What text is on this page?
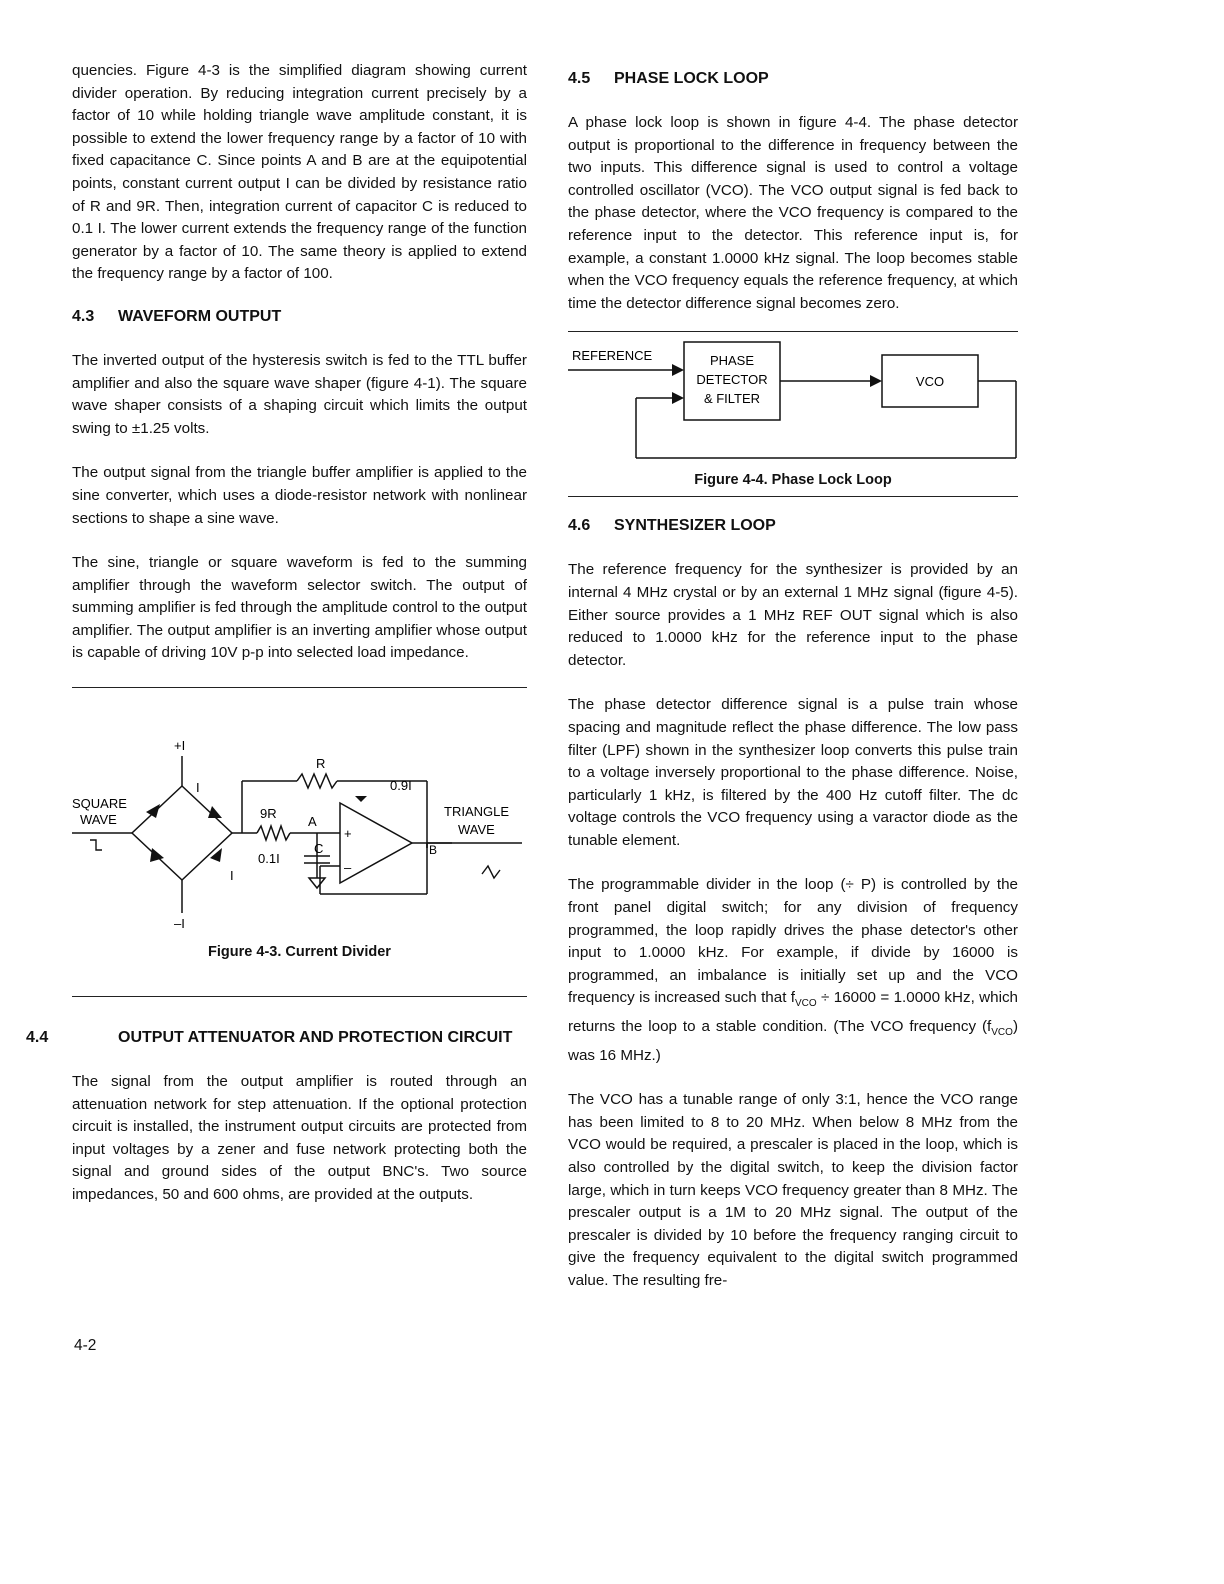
quencies. Figure 4-3 is the simplified diagram showing current divider operation. By reducing integration current precisely by a factor of 10 while holding triangle wave amplitude constant, it is possible to extend the lower frequency range by a factor of 10 with fixed capacitance C. Since points A and B are at the equipotential points, constant current output I can be divided by resistance ratio of R and 9R. Then, integration current of capacitor C is reduced to 0.1 I. The lower current extends the frequency range of the function generator by a factor of 10. The same theory is applied to extend the frequency range by a factor of 100.

4.3 WAVEFORM OUTPUT

The inverted output of the hysteresis switch is fed to the TTL buffer amplifier and also the square wave shaper (figure 4-1). The square wave shaper consists of a shaping circuit which limits the output swing to ±1.25 volts.

The output signal from the triangle buffer amplifier is applied to the sine converter, which uses a diode-resistor network with nonlinear sections to shape a sine wave.

The sine, triangle or square waveform is fed to the summing amplifier through the waveform selector switch. The output of summing amplifier is fed through the amplitude control to the output amplifier. The output amplifier is an inverting amplifier whose output is capable of driving 10V p-p into selected load impedance.

+I
–I
SQUARE
WAVE
I
I
R
9R
A
B
C
0.9I
0.1I
TRIANGLE
WAVE
+
–
Figure 4-3. Current Divider
4.4	OUTPUT ATTENUATOR AND PROTECTION CIRCUIT

The signal from the output amplifier is routed through an attenuation network for step attenuation. If the optional protection circuit is installed, the instrument output circuits are protected from input voltages by a zener and fuse network protecting both the signal and ground sides of the output BNC's. Two source impedances, 50 and 600 ohms, are provided at the outputs.

4.5 PHASE LOCK LOOP

A phase lock loop is shown in figure 4-4. The phase detector output is proportional to the difference in frequency between the two inputs. This difference signal is used to control a voltage controlled oscillator (VCO). The VCO output signal is fed back to the phase detector, where the VCO frequency is compared to the reference input to the detector. This reference input is, for example, a constant 1.0000 kHz signal. The loop becomes stable when the VCO frequency equals the reference frequency, at which time the detector difference signal becomes zero.

REFERENCE	PHASE
DETECTOR
& FILTER
VCO
Figure 4-4. Phase Lock Loop
4.6 SYNTHESIZER LOOP

The reference frequency for the synthesizer is provided by an internal 4 MHz crystal or by an external 1 MHz signal (figure 4-5). Either source provides a 1 MHz REF OUT signal which is also reduced to 1.0000 kHz for the reference input to the phase detector.

The phase detector difference signal is a pulse train whose spacing and magnitude reflect the phase difference. The low pass filter (LPF) shown in the synthesizer loop converts this pulse train to a voltage inversely proportional to the phase difference. Noise, particularly 1 kHz, is filtered by the 400 Hz cutoff filter. The dc voltage controls the VCO frequency using a varactor diode as the tunable element.

The programmable divider in the loop (÷ P) is controlled by the front panel digital switch; for any division of frequency programmed, the loop rapidly drives the phase detector's other input to 1.0000 kHz. For example, if divide by 16000 is programmed, an imbalance is initially set up and the VCO frequency is increased such that $f_{VCO} \div 16000 = 1.0000$ kHz, which returns the loop to a stable condition. (The VCO frequency $(f_{VCO})$ was 16 MHz.)

The VCO has a tunable range of only 3:1, hence the VCO range has been limited to 8 to 20 MHz. When below 8 MHz from the VCO would be required, a prescaler is placed in the loop, which is also controlled by the digital switch, to keep the division factor large, which in turn keeps VCO frequency greater than 8 MHz. The prescaler output is a 1M to 20 MHz signal. The output of the prescaler is divided by 10 before the frequency ranging circuit to give the frequency equivalent to the digital switch programmed value. The resulting fre-

4-2
